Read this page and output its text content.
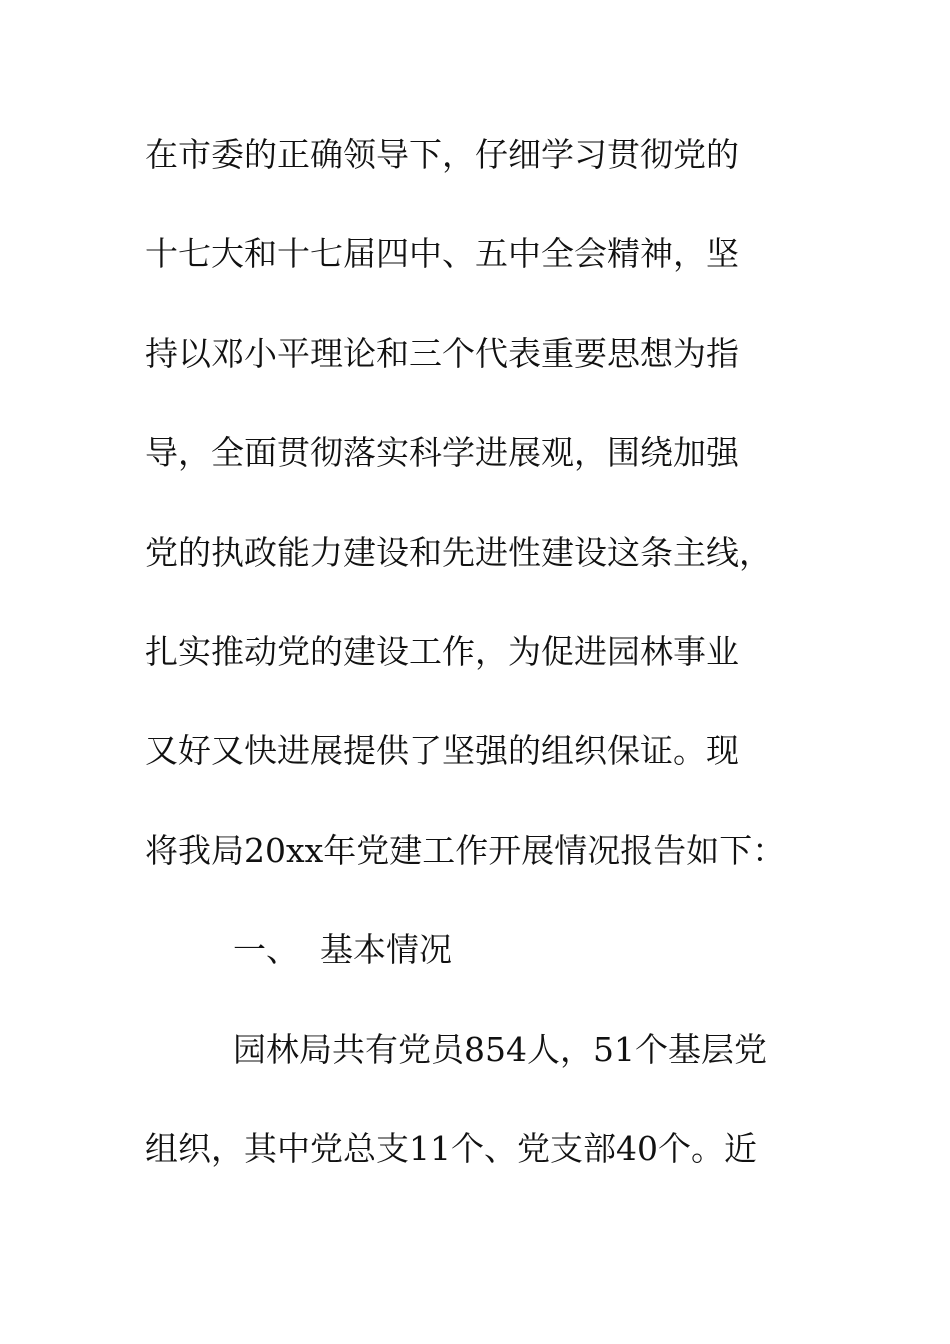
在市委的正确领导下，仔细学习贯彻党的
十七大和十七届四中、五中全会精神，坚
持以邓小平理论和三个代表重要思想为指
导，全面贯彻落实科学进展观，围绕加强
党的执政能力建设和先进性建设这条主线，
扎实推动党的建设工作，为促进园林事业
又好又快进展提供了坚强的组织保证。现
将我局20xx年党建工作开展情况报告如下：
一、 基本情况
园林局共有党员854人，51个基层党
组织，其中党总支11个、党支部40个。近
